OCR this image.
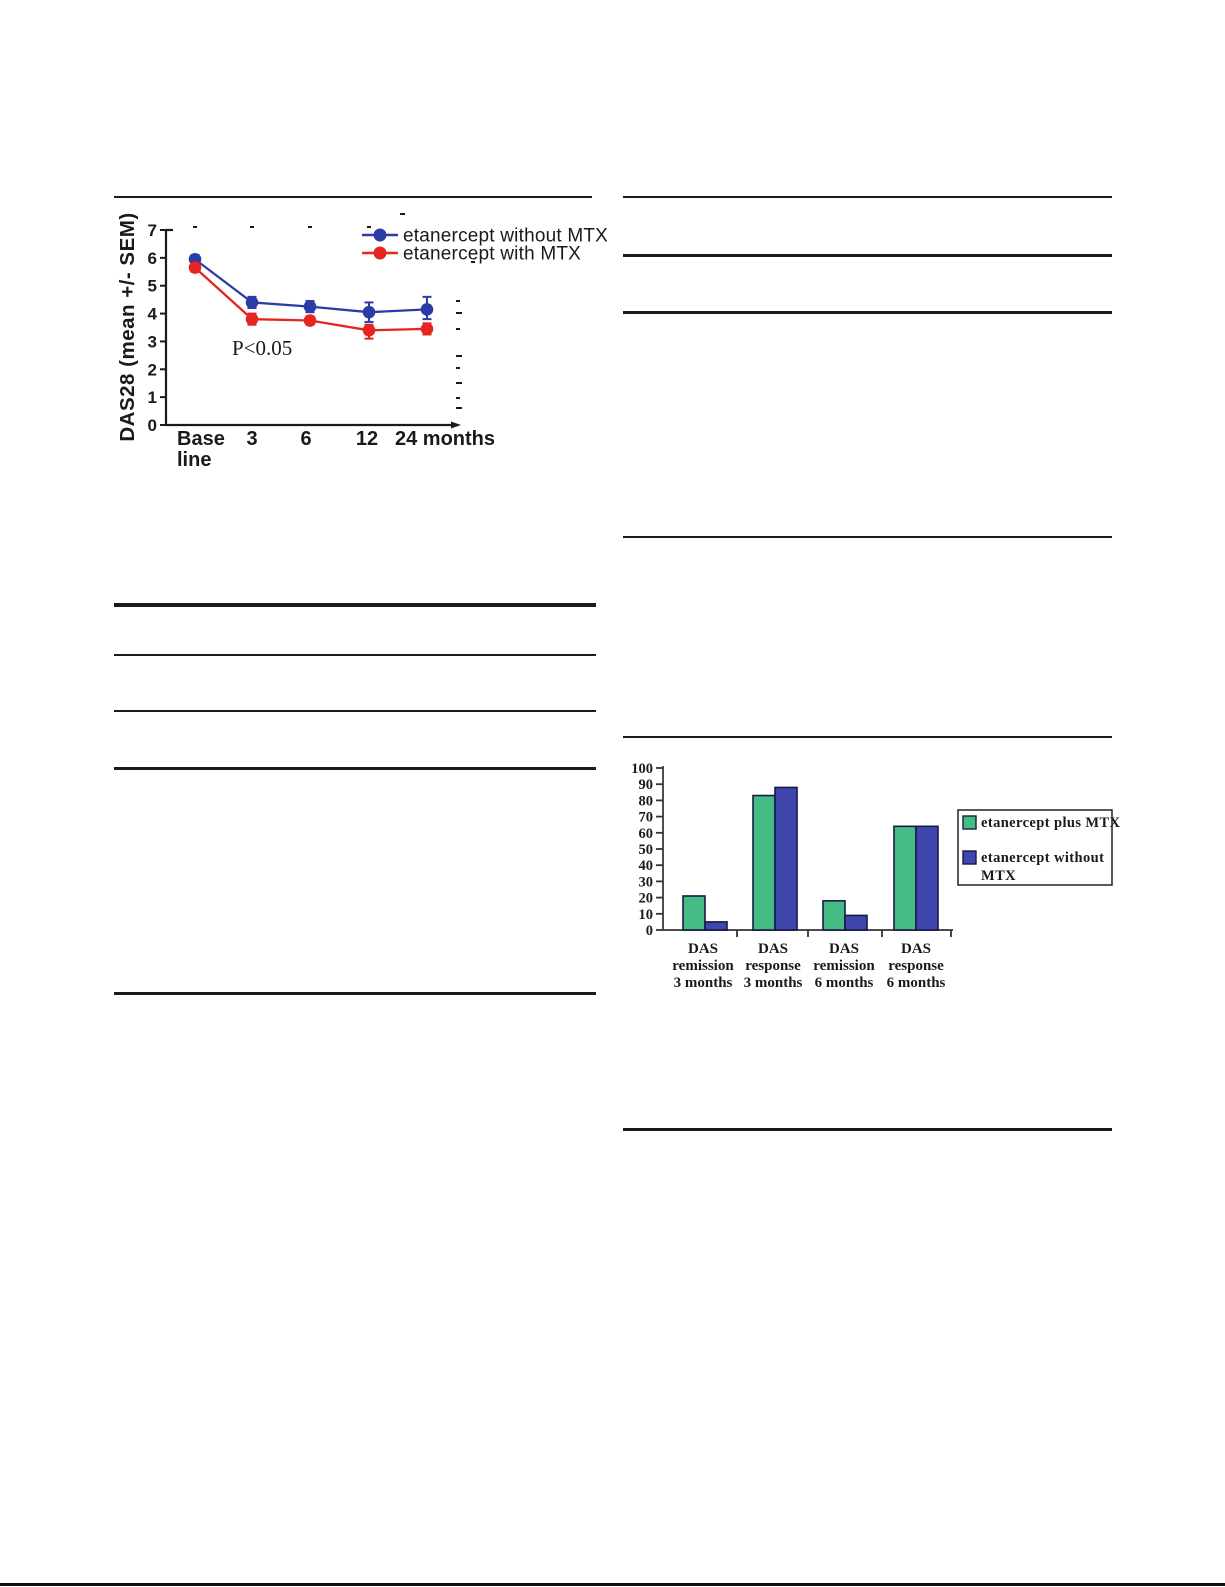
DAS28 (mean +/- SEM) 0
1
2
3
4
5
6
7
Base
line
3 6 12 24 months
etanercept without MTX
etanercept with MTX
P<0.05
0
10
20
30
40
50
60
70
80
90
100
DAS
remission
3 months
DAS
response
3 months
DAS
remission
6 months
DAS
response
6 months
etanercept plus MTX
etanercept without
MTX
